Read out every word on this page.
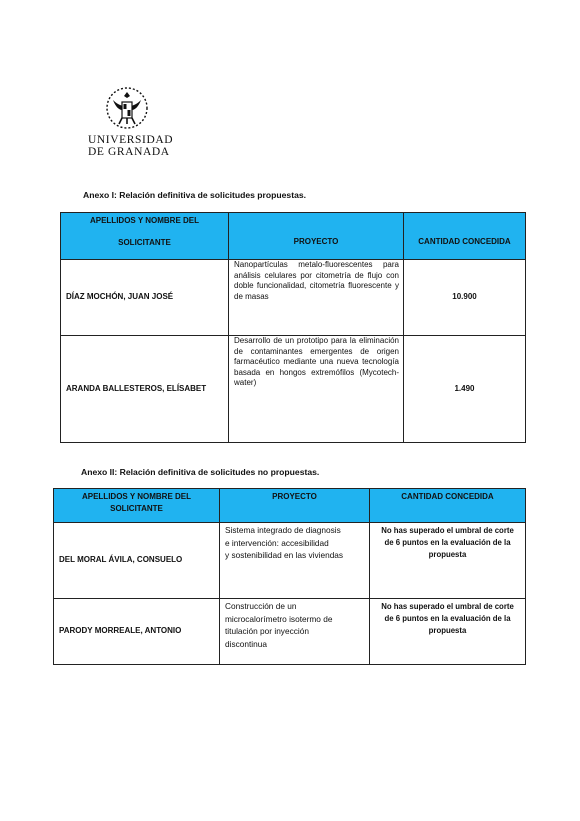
UNIVERSIDAD
DE GRANADA
Anexo I: Relación definitiva de solicitudes propuestas.
APELLIDOS Y NOMBRE DEL
SOLICITANTE	PROYECTO	CANTIDAD CONCEDIDA
DÍAZ MOCHÓN, JUAN JOSÉ	Nanopartículas metalo-fluorescentes para análisis celulares por citometría de flujo con doble funcionalidad, citometría fluorescente y de masas	10.900
ARANDA BALLESTEROS, ELÍSABET	Desarrollo de un prototipo para la eliminación de contaminantes emergentes de origen farmacéutico mediante una nueva tecnología basada en hongos extremófilos (Mycotech-water)	1.490
Anexo II: Relación definitiva de solicitudes no propuestas.
APELLIDOS Y NOMBRE DEL
SOLICITANTE	PROYECTO	CANTIDAD CONCEDIDA
DEL MORAL ÁVILA, CONSUELO	Sistema integrado de diagnosis
e intervención: accesibilidad
y sostenibilidad en las viviendas	No has superado el umbral de corte de 6 puntos en la evaluación de la propuesta
PARODY MORREALE, ANTONIO	Construcción de un
microcalorímetro isotermo de
titulación por inyección
discontinua	No has superado el umbral de corte de 6 puntos en la evaluación de la propuesta
